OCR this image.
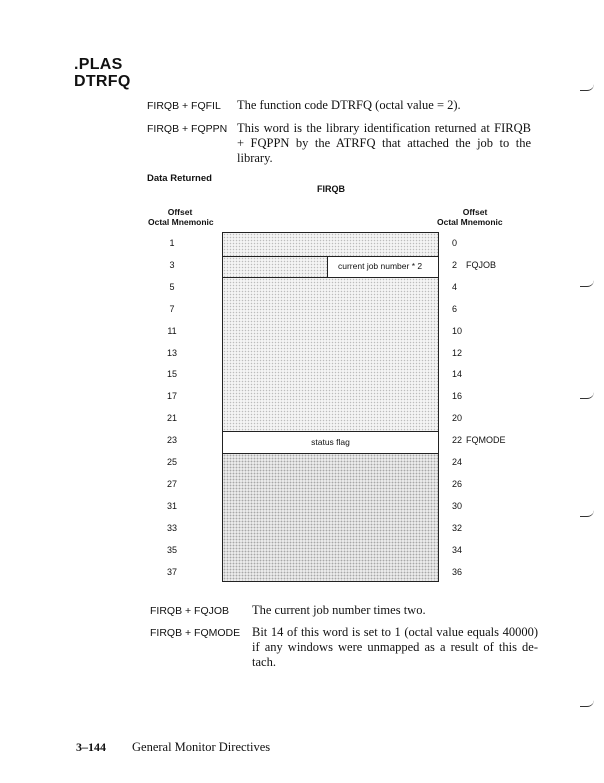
.PLAS
DTRFQ
FIRQB + FQFIL The function code DTRFQ (octal value = 2).
FIRQB + FQPPN This word is the library identification returned at FIRQB + FQPPN by the ATRFQ that attached the job to the library.
Data Returned
FIRQB
Offset
Octal Mnemonic
Offset
Octal Mnemonic
current job number * 2
status flag
1
3
5
7
11
13
15
17
21
23
25
27
31
33
35
37
0
2 FQJOB
4
6
10
12
14
16
20
22 FQMODE
24
26
30
32
34
36
FIRQB + FQJOB The current job number times two.
FIRQB + FQMODE Bit 14 of this word is set to 1 (octal value equals 40000) if any windows were unmapped as a result of this de-tach.
3–144 General Monitor Directives
